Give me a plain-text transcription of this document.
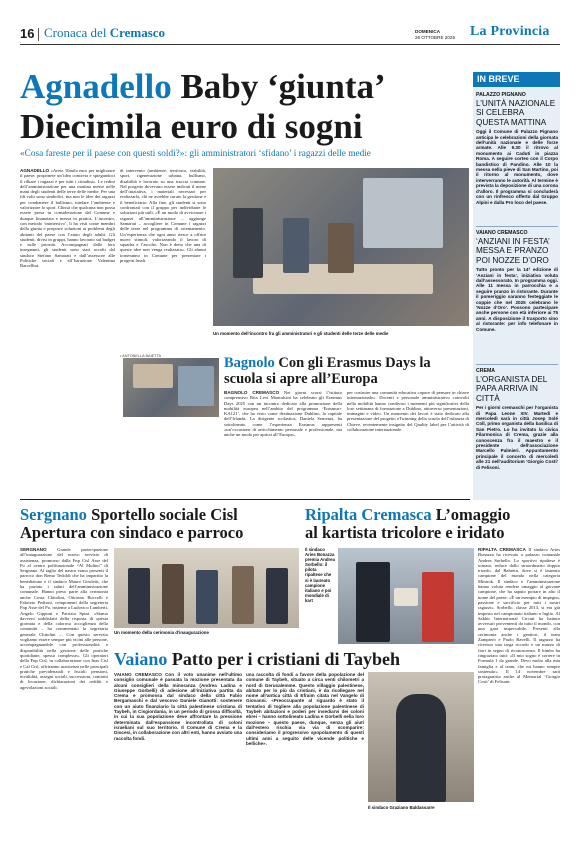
16 Cronaca del Cremasco	DOMENICA
26 OTTOBRE 2025 La Provincia
Agnadello Baby ‘giunta’
Diecimila euro di sogni
«Cosa fareste per il paese con questi soldi?»: gli amministratori ‘sfidano’ i ragazzi delle medie
AGNADELLO «Avete 10mila euro per migliorare il paese: proponete un’idea concreta e spiegandoci il rilkare i ragazzi e per tutti i cittadini». Le redini dell’amministrazione per una mattina messe nelle mani degli studenti delle terze delle medie. Per una (di volti sono simbolici, ma non le idee dei ragazzi per combattere il bullismo, tutelare l’ambiente e valorizzare lo sport. Chissà che qualcuna non possa essere presa in considerazione dal Comune e dunque finanziata e messa in pratica. L’incontro, con metodo ‘immersivo’, li ha visti come membri della giunta e proporre soluzioni ai problemi degli abitanti del paese con l’aiuto degli adulti. Gli studenti, divisi in gruppi, hanno lavorato sul budget e sulle priorità. Accompagnati dalle loro insegnanti, gli studenti sono stati accolti dal sindaco Stefano Samarati e dall’assessore alle Politiche sociali e all’Istruzione Valentina Barcellini.
di intervento (ambiente, territorio, viabilità, sport, rigenerazione urbana, bullismo, disabilità e lavorato su una traccia comune. Nel progetto dovevano essere indicati il nome dell’iniziativa, i materiali necessari per realizzarla, chi ne avrebbe curato la gestione e il beneficiario. Alla fine, gli studenti si sono confrontati con il gruppo per individuare le soluzioni più utili. «È un modo di avvicinare i ragazzi all’amministrazione – aggiunge Samarati – accogliere in Comune i ragazzi delle terze nel programma di orientamento. Un’esperienza che ogni anno riesce a offrire nuovi stimoli, valorizzando il lavoro di squadra e l’ascolto. Non è detto che una di queste idee non venga realizzata». Gli alunni torneranno in Comune per presentare i progetti finali.
• ANTONELLA BAIETTA
Un momento dell’incontro fra gli amministratori e gli studenti delle terze delle medie
Bagnolo Con gli Erasmus Days la scuola si apre all’Europa
BAGNOLO CREMASCO Nei giorni scorsi l’istituto comprensivo Rita Levi Montalcini ha celebrato gli Erasmus Days 2025 con un incontro dedicato alla promozione della mobilità europea nell’ambito del programma ‘Erasmus+ KA121’, che ha visto come destinazione Dublino, la capitale dell’Irlanda. La dirigente scolastica, Daniela Semenzi, ha sottolineato come l’esperienza Erasmus rappresenti «un’occasione di arricchimento personale e professionale, ma anche un modo per aprirsi all’Europa».
per costruire una comunità educativa capace di pensare in chiave internazionale». Docenti e personale amministrativo coinvolti nella mobilità hanno condiviso i momenti più significativi della loro settimana di formazione a Dublino, attraverso presentazioni, immagini e video. Un momento dei lavori è stato dedicato alla presentazione del progetto eTwinning della scuola dell’infanzia di Chieve, recentemente insignito del Quality label per l’attività di collaborazione internazionale.
Sergnano Sportello sociale Cisl
Apertura con sindaco e parroco
SERGNANO Grande partecipazione all’inaugurazione del nuovo servizio di assistenza, promosso dalla Fnp Cisl Asse del Po al centro polifunzionale “Al Mulino” di Sergnano. Al taglio del nastro erano presenti il parroco don Remo Tedoldi che ha impartito la benedizione e il sindaco Mauro Giroletti, che ha portato i saluti dell’amministrazione comunale. Hanno preso parte alla cerimonia anche Costa Chitolini, Ottorino Buccelli e Fabrizio Pedroni, componenti della segreteria Fnp Asse del Po, insieme a Ludovico Lamberti, Angelo Gipponi e Patrizia Spini. «Siamo davvero soddisfatti della risposta di questa giornata e della calorosa accoglienza della comunità – ha commentato la segretaria generale Chitolini –. Con questo servizio vogliamo essere sempre più vicini alle persone, accompagnandole con professionalità e disponibilità nella gestione delle pratiche quotidiane, spesso complesse». Gli operatori della Fnp Cisl, in collaborazione con Inas Cisl e Caf Cisl, offriranno assistenza nelle principali pratiche previdenziali e fiscali: pensioni, invalidità, assegni sociali, successioni, contratti di locazione, dichiarazioni dei redditi e agevolazioni sociali.
Un momento della cerimonia d’inaugurazione
Ripalta Cremasca L’omaggio
al kartista tricolore e iridato
Il sindaco Aries Bonazza premia Andrea Sorbello: il pilota ripaltese che si è laureato campione italiano e poi mondiale di kart
RIPALTA CREMASCA Il sindaco Aries Bonazza ha ricevuto a palazzo comunale Andrea Sorbello. Lo sportivo ripaltese è tornato, reduce dallo straordinario doppio trionfo, dal Bahrein, dove si è laureato campione del mondo nella categoria Minirok. Il sindaco e l’amministrazione hanno voluto rendere omaggio al giovane campione, che ha saputo portare in alto il nome del paese: «È un esempio di impegno, passione e sacrificio per tutti i nostri ragazzi». Sorbello, classe 2013, si era già imposto nel campionato italiano a luglio. Al Sakhir International Circuit ha battuto avversari provenienti da tutto il mondo, con una gara impeccabile. Presenti alla cerimonia anche i genitori, il team Zampiero e Paolo Ravelli. Il ragazzo ha ricevuto una targa ricordo e un mazzo di fiori in segno di riconoscenza. Il bimbo ha ringraziato tutti: «Il mio sogno è correre in Formula 1 da grande. Devo molto alla mia famiglia e al team, che mi hanno sempre sostenuto». Il 14 novembre sarà protagonista anche al Memorial ‘Giorgio Costi’ di Felisoni.
Vaiano Patto per i cristiani di Taybeh
VAIANO CREMASCO Con il voto unanime nell’ultimo consiglio comunale è passata la mozione presentata da alcuni consiglieri della minoranza (Andrea Ladina e Giuseppe Gorbelli) di adesione all’iniziativa partita da Crema e promossa dal sindaco della città Fabio Bergamaschi e dal vescovo Daniele Gianotti: sostenere con un aiuto finanziario la città palestinese cristiana di Taybeh, in Cisgiordania, in un periodo di grossa difficoltà, in cui la sua popolazione deve affrontare la pressione determinata dall’espansione incontrollata di coloni israeliani sul suo territorio. Il Comune di Crema e la Diocesi, in collaborazione con altri enti, hanno avviato una raccolta fondi.
una raccolta di fondi a favore della popolazione del comune di Taybeh, situato a circa venti chilometri a nord di Gerusalemme. Questo villaggio palestinese, abitato per lo più da cristiani, è da ricollegare nel nome all’antica città di Efraim citata nel Vangelo di Giovanni. «Preoccupante al riguardo è stato il tentativo di togliere alla popolazione palestinese di Taybeh abitazioni e poderi per insediarvi dei coloni ebrei – hanno sottolineato Ladina e Gorbelli nella loro mozione – questo paese, dunque, senza gli aiuti dall’estero rischia via via di scomparire: consideriamo il progressivo spopolamento di questi ultimi anni a seguito delle vicende politiche e belliche».
Il sindaco Graziano Baldassarre
IN BREVE
PALAZZO PIGNANO
L’UNITÀ NAZIONALE SI CELEBRA QUESTA MATTINA
Oggi il Comune di Palazzo Pignano anticipa le celebrazioni della giornata dell’unità nazionale e delle forze armate. Alle 9.30 il ritrovo al monumento ai Caduti in piazza Roma. A seguire corteo con il Corpo bandistico di Pandino. Alle 10 la messa nella pieve di San Martino, poi il ritorno al monumento, dove interverranno le autorità. Al termine è prevista la deposizione di una corona d’alloro. Il programma si concluderà con un rinfresco offerto dal Gruppo Alpini e dalla Pro loco del paese.
VAIANO CREMASCO
‘ANZIANI IN FESTA’ MESSA E PRANZO POI NOZZE D’ORO
Tutto pronto per la 14ª edizione di ‘Anziani in festa’, iniziativa voluta dall’assessorato. In programma oggi. Alle 11 messa in parrocchia e a seguire pranzo in ristorante. Durante il pomeriggio saranno festeggiate le coppie che nel 2025 celebrano le ‘Nozze d’Oro’. Possono partecipare anche persone con età inferiore ai 75 anni. A disposizione il trasporto sino al ristorante: per info telefonare in Comune.
CREMA
L’ORGANISTA DEL PAPA ARRIVA IN CITTÀ
Per i giorni cremaschi per l’organista di Papa Leone XIV. Martedì e mercoledì sarà in città Josep Solé Coll, primo organista della basilica di San Pietro. Lo ha invitato la civica Filarmonica di Crema, grazie alla conoscenza fra il maestro e il presidente dell’associazione Marcello Palmieri. Appuntamento principale il concerto di mercoledì alle 21 nell’auditorium ‘Giorgio Costi’ di Felisoni.
